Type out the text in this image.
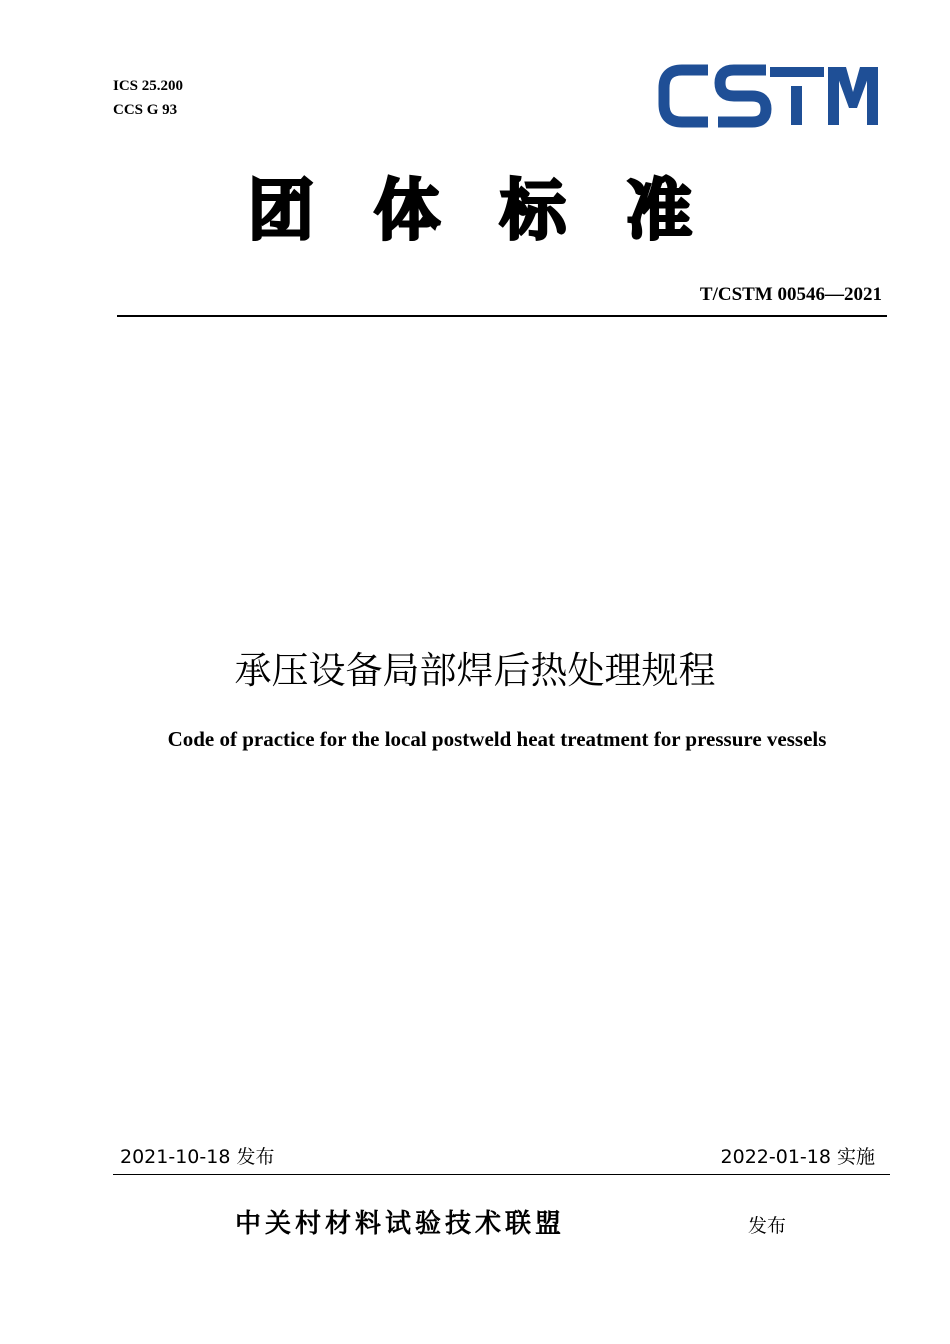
ICS 25.200
CCS G 93
团体标准
T/CSTM 00546—2021
承压设备局部焊后热处理规程
Code of practice for the local postweld heat treatment for pressure vessels
2021-10-18 发布	2022-01-18 实施
中关村材料试验技术联盟	发布
